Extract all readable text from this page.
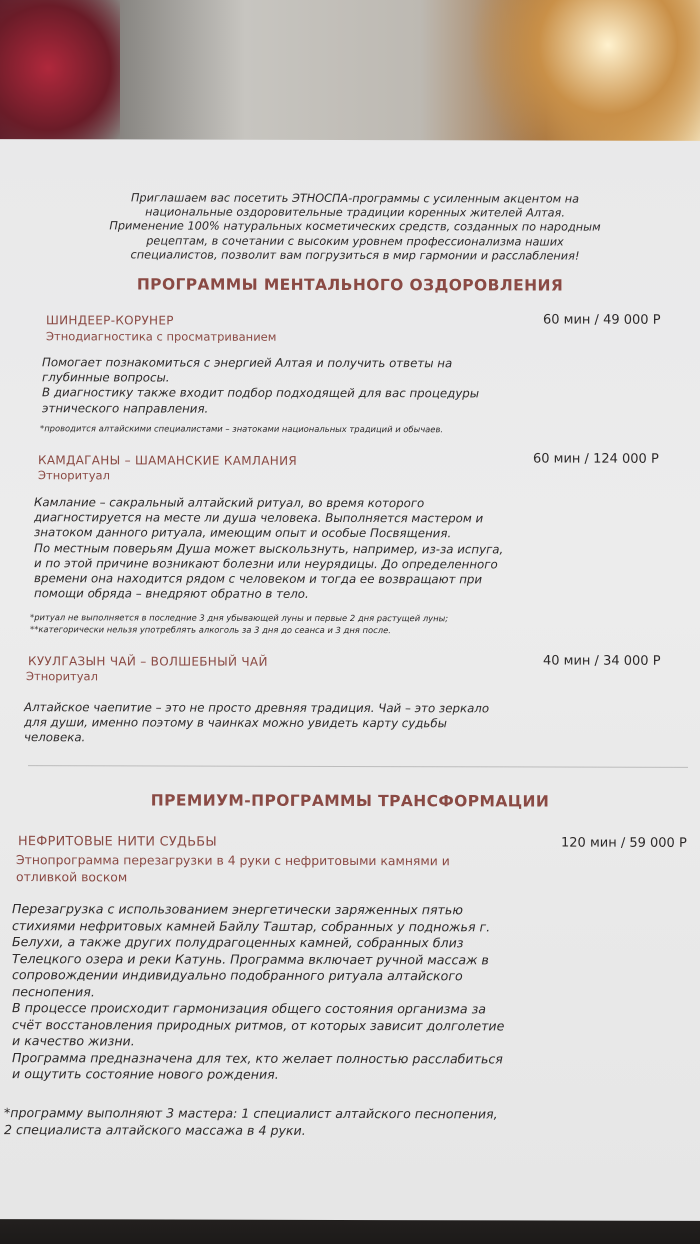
Приглашаем вас посетить ЭТНОСПА-программы с усиленным акцентом на
национальные оздоровительные традиции коренных жителей Алтая.
Применение 100% натуральных косметических средств, созданных по народным
рецептам, в сочетании с высоким уровнем профессионализма наших
специалистов, позволит вам погрузиться в мир гармонии и расслабления!
ПРОГРАММЫ МЕНТАЛЬНОГО ОЗДОРОВЛЕНИЯ
ШИНДЕЕР-КОРУНЕР	60 мин / 49 000 Р
Этнодиагностика с просматриванием
Помогает познакомиться с энергией Алтая и получить ответы на
глубинные вопросы.
В диагностику также входит подбор подходящей для вас процедуры
этнического направления.
*проводится алтайскими специалистами – знатоками национальных традиций и обычаев.
КАМДАГАНЫ – ШАМАНСКИЕ КАМЛАНИЯ	60 мин / 124 000 Р
Этноритуал
Камлание – сакральный алтайский ритуал, во время которого
диагностируется на месте ли душа человека. Выполняется мастером и
знатоком данного ритуала, имеющим опыт и особые Посвящения.
По местным поверьям Душа может выскользнуть, например, из-за испуга,
и по этой причине возникают болезни или неурядицы. До определенного
времени она находится рядом с человеком и тогда ее возвращают при
помощи обряда – внедряют обратно в тело.
*ритуал не выполняется в последние 3 дня убывающей луны и первые 2 дня растущей луны;
**категорически нельзя употреблять алкоголь за 3 дня до сеанса и 3 дня после.
КУУЛГАЗЫН ЧАЙ – ВОЛШЕБНЫЙ ЧАЙ	40 мин / 34 000 Р
Этноритуал
Алтайское чаепитие – это не просто древняя традиция. Чай – это зеркало
для души, именно поэтому в чаинках можно увидеть карту судьбы
человека.
ПРЕМИУМ-ПРОГРАММЫ ТРАНСФОРМАЦИИ
НЕФРИТОВЫЕ НИТИ СУДЬБЫ	120 мин / 59 000 Р
Этнопрограмма перезагрузки в 4 руки с нефритовыми камнями и
отливкой воском
Перезагрузка с использованием энергетически заряженных пятью
стихиями нефритовых камней Байлу Таштар, собранных у подножья г.
Белухи, а также других полудрагоценных камней, собранных близ
Телецкого озера и реки Катунь. Программа включает ручной массаж в
сопровождении индивидуально подобранного ритуала алтайского
песнопения.
В процессе происходит гармонизация общего состояния организма за
счёт восстановления природных ритмов, от которых зависит долголетие
и качество жизни.
Программа предназначена для тех, кто желает полностью расслабиться
и ощутить состояние нового рождения.
*программу выполняют 3 мастера: 1 специалист алтайского песнопения,
2 специалиста алтайского массажа в 4 руки.
